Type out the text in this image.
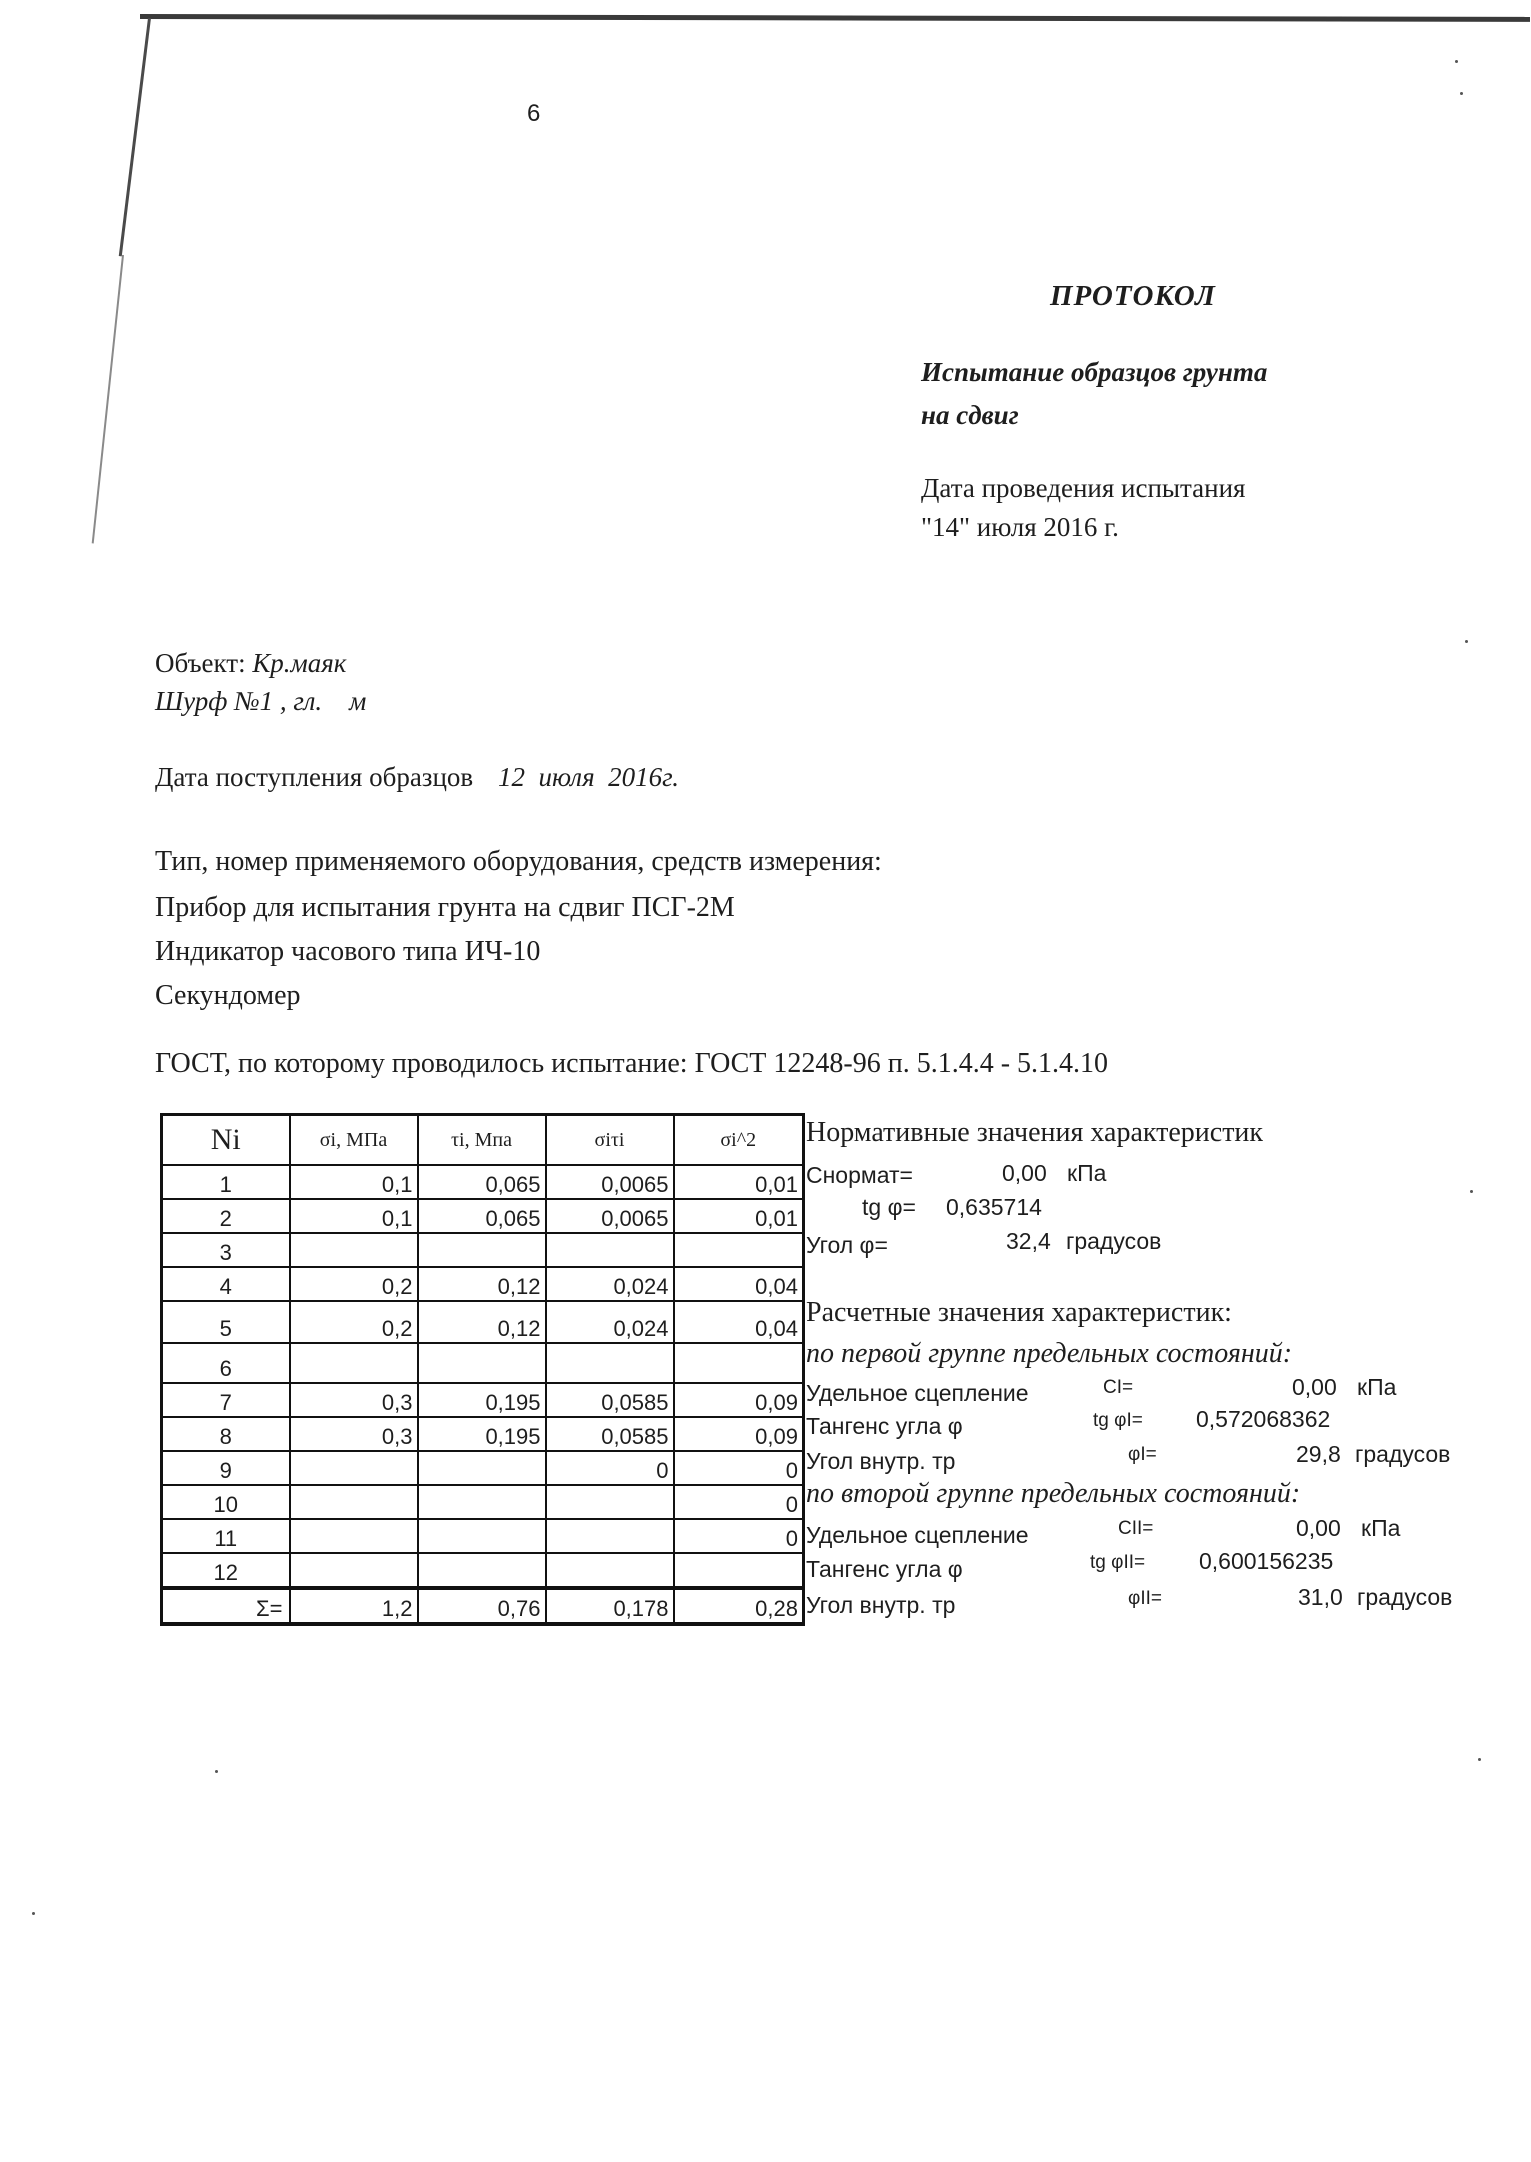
6
ПРОТОКОЛ
Испытание образцов грунта
на сдвиг
Дата проведения испытания
"14" июля 2016 г.
Объект: Кр.маяк
Шурф №1 , гл.    м
Дата поступления образцов 12  июля  2016г.
Тип, номер применяемого оборудования, средств измерения:
Прибор для испытания грунта на сдвиг ПСГ-2М
Индикатор часового типа ИЧ-10
Секундомер
ГОСТ, по которому проводилось испытание: ГОСТ 12248-96 п. 5.1.4.4 - 5.1.4.10
Ni	σi, МПа	τi, Мпа	σiτi	σi^2
1	0,1	0,065	0,0065	0,01
2	0,1	0,065	0,0065	0,01
3				
4	0,2	0,12	0,024	0,04
5	0,2	0,12	0,024	0,04
6				
7	0,3	0,195	0,0585	0,09
8	0,3	0,195	0,0585	0,09
9			0	0
10				0
11				0
12				
Σ=	1,2	0,76	0,178	0,28
Нормативные значения характеристик
Снормат=	0,00 кПа
tg φ= 0,635714
Угол φ=	32,4 градусов
Расчетные значения характеристик:
по первой группе предельных состояний:
Удельное сцепление	CI=	0,00 кПа
Тангенс угла φ	tg φI= 0,572068362
Угол внутр. тр	φI=	29,8 градусов
по второй группе предельных состояний:
Удельное сцепление	CII=	0,00 кПа
Тангенс угла φ	tg φII= 0,600156235
Угол внутр. тр	φII=	31,0 градусов
